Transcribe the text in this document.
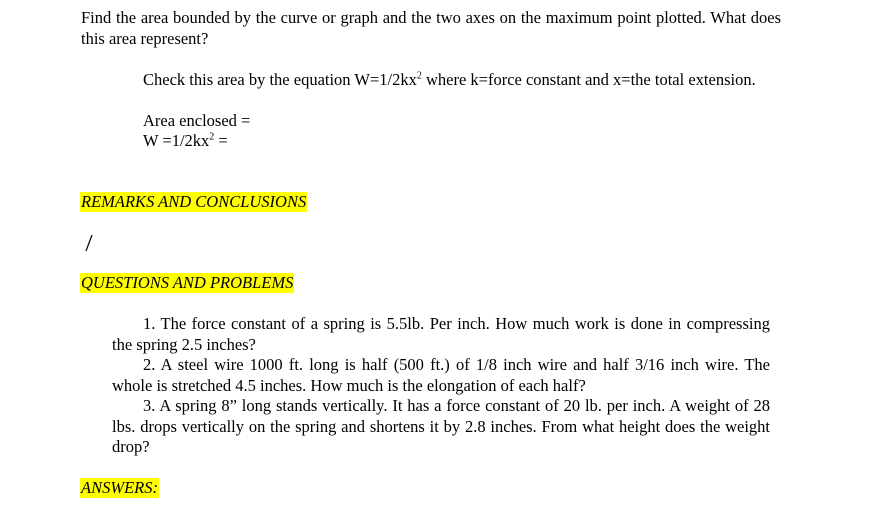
Find the area bounded by the curve or graph and the two axes on the maximum point plotted. What does this area represent?

Check this area by the equation $W=1/2kx^2$ where k=force constant and x=the total extension.

Area enclosed =

$W =1/2kx^2$ =

REMARKS AND CONCLUSIONS
QUESTIONS AND PROBLEMS

1. The force constant of a spring is 5.5lb. Per inch. How much work is done in compressing the spring 2.5 inches?

2. A steel wire 1000 ft. long is half (500 ft.) of 1/8 inch wire and half 3/16 inch wire. The whole is stretched 4.5 inches. How much is the elongation of each half?

3. A spring 8” long stands vertically. It has a force constant of 20 lb. per inch. A weight of 28 lbs. drops vertically on the spring and shortens it by 2.8 inches. From what height does the weight drop?

ANSWERS:
